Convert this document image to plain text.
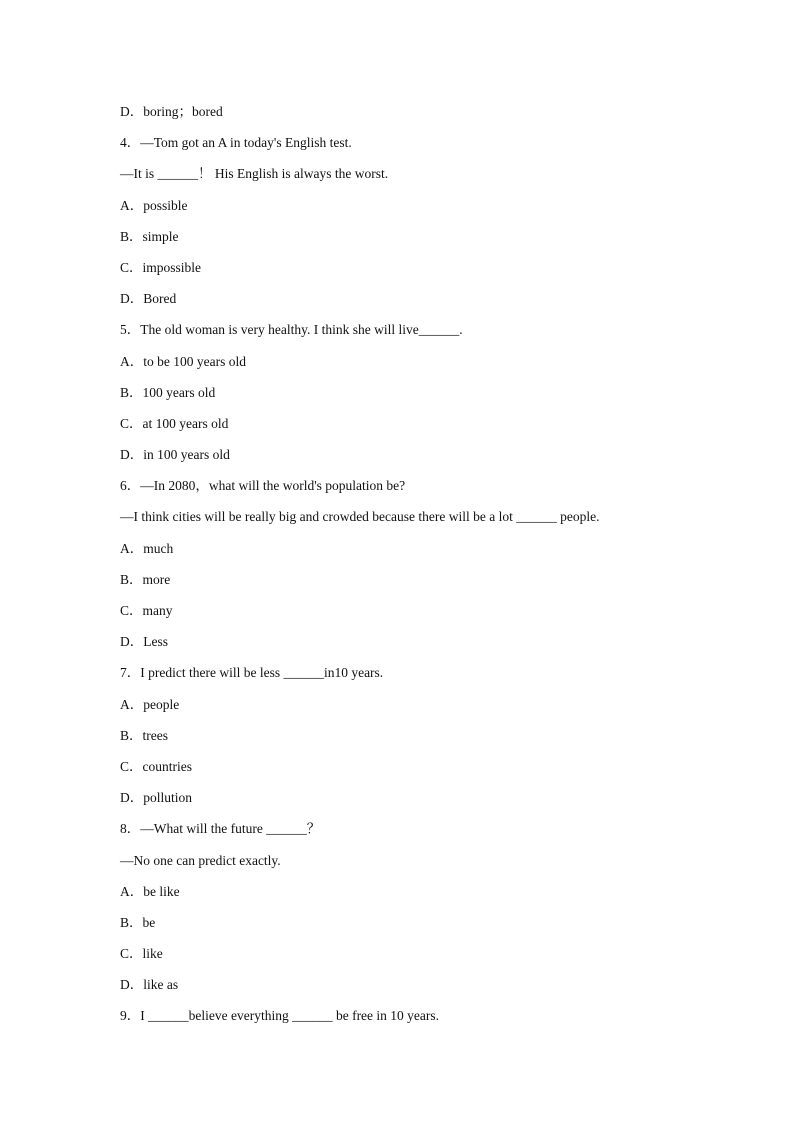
D．boring；bored
4．—Tom got an A in today's English test.
—It is ______！ His English is always the worst.
A．possible
B．simple
C．impossible
D．Bored
5．The old woman is very healthy. I think she will live______.
A．to be 100 years old
B．100 years old
C．at 100 years old
D．in 100 years old
6．—In 2080，what will the world's population be?
—I think cities will be really big and crowded because there will be a lot ______ people.
A．much
B．more
C．many
D．Less
7．I predict there will be less ______in10 years.
A．people
B．trees
C．countries
D．pollution
8．—What will the future ______？
—No one can predict exactly.
A．be like
B．be
C．like
D．like as
9．I ______believe everything ______ be free in 10 years.
